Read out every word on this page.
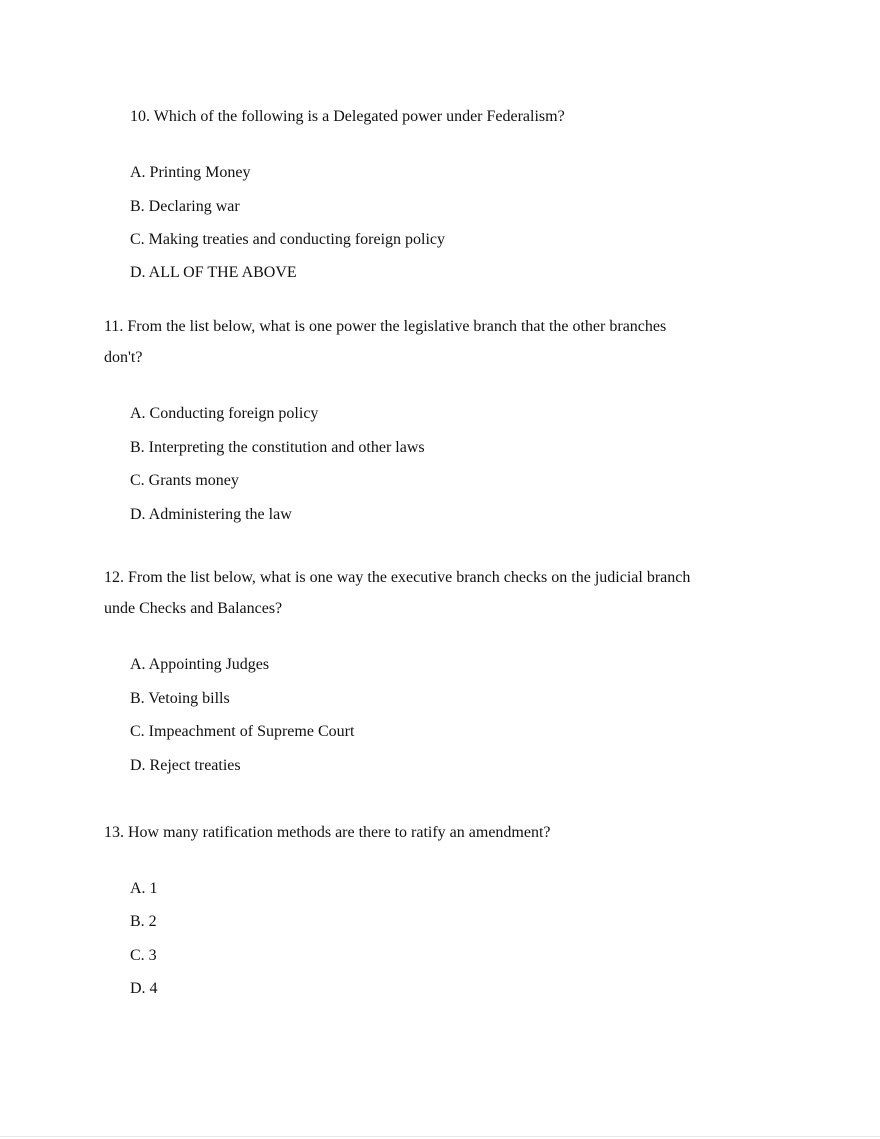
10. Which of the following is a Delegated power under Federalism?
A. Printing Money
B. Declaring war
C. Making treaties and conducting foreign policy
D. ALL OF THE ABOVE
11. From the list below, what is one power the legislative branch that the other branches
don't?
A. Conducting foreign policy
B. Interpreting the constitution and other laws
C. Grants money
D. Administering the law
12. From the list below, what is one way the executive branch checks on the judicial branch
unde Checks and Balances?
A. Appointing Judges
B. Vetoing bills
C. Impeachment of Supreme Court
D. Reject treaties
13. How many ratification methods are there to ratify an amendment?
A. 1
B. 2
C. 3
D. 4
